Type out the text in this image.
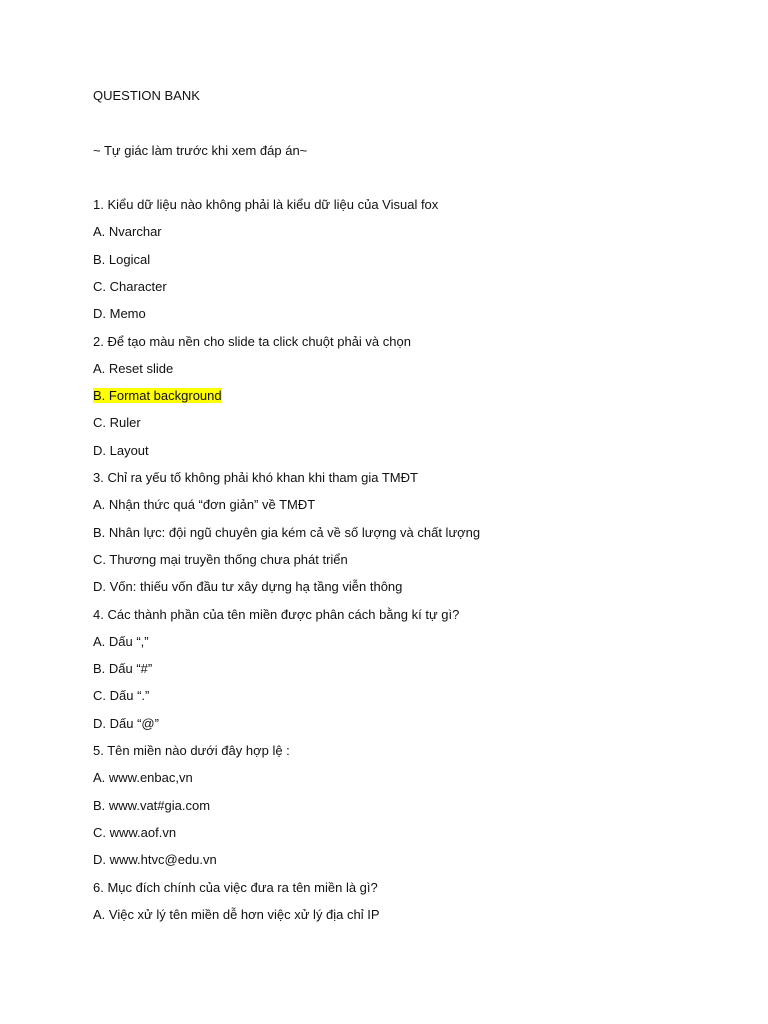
QUESTION BANK
~ Tự giác làm trước khi xem đáp án~
1. Kiểu dữ liệu nào không phải là kiểu dữ liệu của Visual fox
A. Nvarchar
B. Logical
C. Character
D. Memo
2. Để tạo màu nền cho slide ta click chuột phải và chọn
A. Reset slide
B. Format background
C. Ruler
D. Layout
3. Chỉ ra yếu tố không phải khó khan khi tham gia TMĐT
A. Nhận thức quá “đơn giản” về TMĐT
B. Nhân lực: đội ngũ chuyên gia kém cả về số lượng và chất lượng
C. Thương mại truyền thống chưa phát triển
D. Vốn: thiếu vốn đầu tư xây dựng hạ tầng viễn thông
4. Các thành phần của tên miền được phân cách bằng kí tự gì?
A. Dấu “,”
B. Dấu “#”
C. Dấu “.”
D. Dấu “@”
5. Tên miền nào dưới đây hợp lệ :
A. www.enbac,vn
B. www.vat#gia.com
C. www.aof.vn
D. www.htvc@edu.vn
6. Mục đích chính của việc đưa ra tên miền là gì?
A. Việc xử lý tên miền dễ hơn việc xử lý địa chỉ IP
